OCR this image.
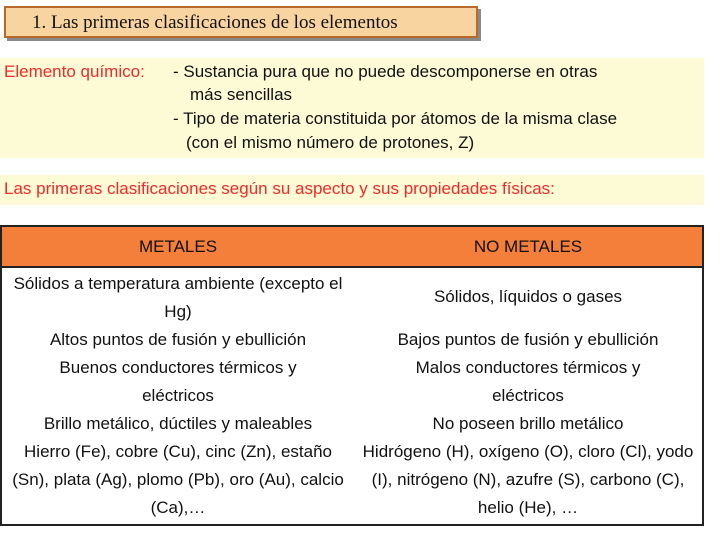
1. Las primeras clasificaciones de los elementos
Elemento químico: - Sustancia pura que no puede descomponerse en otras
más sencillas
- Tipo de materia constituida por átomos de la misma clase
(con el mismo número de protones, Z)
Las primeras clasificaciones según su aspecto y sus propiedades físicas:
METALES	NO METALES
Sólidos a temperatura ambiente (excepto el Hg)	Sólidos, líquidos o gases
Altos puntos de fusión y ebullición	Bajos puntos de fusión y ebullición
Buenos conductores térmicos y eléctricos	Malos conductores térmicos y eléctricos
Brillo metálico, dúctiles y maleables	No poseen brillo metálico
Hierro (Fe), cobre (Cu), cinc (Zn), estaño (Sn), plata (Ag), plomo (Pb), oro (Au), calcio (Ca),…	Hidrógeno (H), oxígeno (O), cloro (Cl), yodo (I), nitrógeno (N), azufre (S), carbono (C), helio (He), …
